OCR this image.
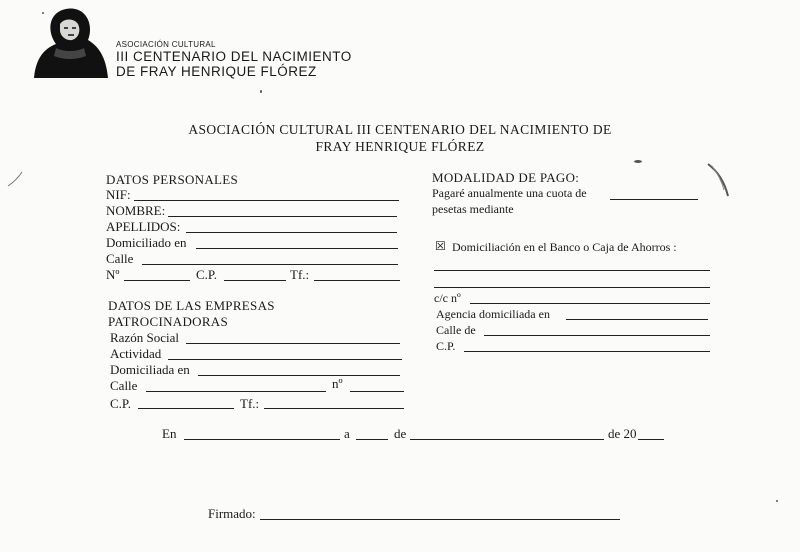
ASOCIACIÓN CULTURAL
III CENTENARIO DEL NACIMIENTO
DE FRAY HENRIQUE FLÓREZ
ASOCIACIÓN CULTURAL III CENTENARIO DEL NACIMIENTO DE
FRAY HENRIQUE FLÓREZ
DATOS PERSONALES
NIF:
NOMBRE:
APELLIDOS:
Domiciliado en
Calle
Nº	C.P.	Tf.:
DATOS DE LAS EMPRESAS
PATROCINADORAS
Razón Social
Actividad
Domiciliada en
Calle	nº
C.P.	Tf.:
MODALIDAD DE PAGO:
Pagaré anualmente una cuota de
pesetas mediante
☒ Domiciliación en el Banco o Caja de Ahorros :
c/c nº
Agencia domiciliada en
Calle de
C.P.
En	a	de	de 20
Firmado:
